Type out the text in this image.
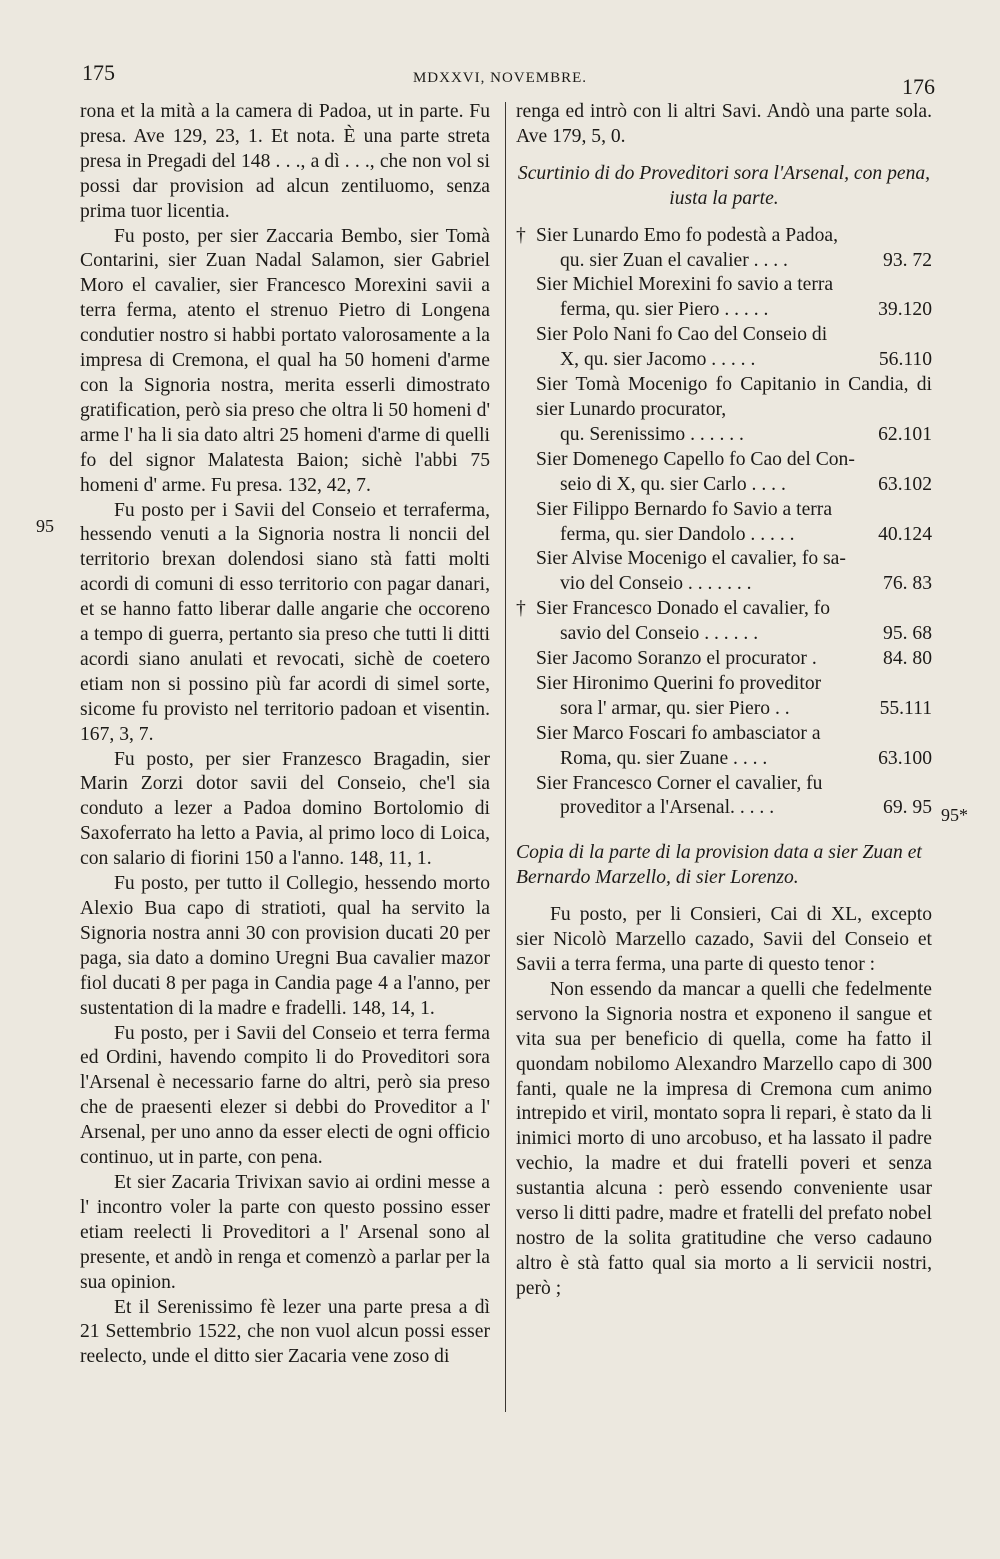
175	MDXXVI, NOVEMBRE.	176
95
95*

rona et la mità a la camera di Padoa, ut in parte. Fu presa. Ave 129, 23, 1. Et nota. È una parte streta presa in Pregadi del 148 . . ., a dì . . ., che non vol si possi dar provision ad alcun zentiluomo, senza prima tuor licentia.

Fu posto, per sier Zaccaria Bembo, sier Tomà Contarini, sier Zuan Nadal Salamon, sier Gabriel Moro el cavalier, sier Francesco Morexini savii a terra ferma, atento el strenuo Pietro di Longena condutier nostro si habbi portato valorosamente a la impresa di Cremona, el qual ha 50 homeni d'arme con la Signoria nostra, merita esserli dimostrato gratification, però sia preso che oltra li 50 homeni d' arme l' ha li sia dato altri 25 homeni d'arme di quelli fo del signor Malatesta Baion; sichè l'abbi 75 homeni d' arme. Fu presa. 132, 42, 7.

Fu posto per i Savii del Conseio et terraferma, hessendo venuti a la Signoria nostra li noncii del territorio brexan dolendosi siano stà fatti molti acordi di comuni di esso territorio con pagar danari, et se hanno fatto liberar dalle angarie che occoreno a tempo di guerra, pertanto sia preso che tutti li ditti acordi siano anulati et revocati, sichè de coetero etiam non si possino più far acordi di simel sorte, sicome fu provisto nel territorio padoan et visentin. 167, 3, 7.

Fu posto, per sier Franzesco Bragadin, sier Marin Zorzi dotor savii del Conseio, che'l sia conduto a lezer a Padoa domino Bortolomio di Saxoferrato ha letto a Pavia, al primo loco di Loica, con salario di fiorini 150 a l'anno. 148, 11, 1.

Fu posto, per tutto il Collegio, hessendo morto Alexio Bua capo di stratioti, qual ha servito la Signoria nostra anni 30 con provision ducati 20 per paga, sia dato a domino Uregni Bua cavalier mazor fiol ducati 8 per paga in Candia page 4 a l'anno, per sustentation di la madre e fradelli. 148, 14, 1.

Fu posto, per i Savii del Conseio et terra ferma ed Ordini, havendo compito li do Proveditori sora l'Arsenal è necessario farne do altri, però sia preso che de praesenti elezer si debbi do Proveditor a l' Arsenal, per uno anno da esser electi de ogni officio continuo, ut in parte, con pena.

Et sier Zacaria Trivixan savio ai ordini messe a l' incontro voler la parte con questo possino esser etiam reelecti li Proveditori a l' Arsenal sono al presente, et andò in renga et comenzò a parlar per la sua opinion.

Et il Serenissimo fè lezer una parte presa a dì 21 Settembrio 1522, che non vuol alcun possi esser reelecto, unde el ditto sier Zacaria vene zoso di

renga ed intrò con li altri Savi. Andò una parte sola. Ave 179, 5, 0.

Scurtinio di do Proveditori sora l'Arsenal, con pena, iusta la parte.

† Sier Lunardo Emo fo podestà a Padoa,
qu. sier Zuan el cavalier . . . .	93. 72
Sier Michiel Morexini fo savio a terra
ferma, qu. sier Piero . . . . .	39.120
Sier Polo Nani fo Cao del Conseio di
X, qu. sier Jacomo . . . . .	56.110
Sier Tomà Mocenigo fo Capitanio in Candia, di sier Lunardo procurator,
qu. Serenissimo . . . . . .	62.101
Sier Domenego Capello fo Cao del Con-
seio di X, qu. sier Carlo . . . .	63.102
Sier Filippo Bernardo fo Savio a terra
ferma, qu. sier Dandolo . . . . .	40.124
Sier Alvise Mocenigo el cavalier, fo sa-
vio del Conseio . . . . . . .	76. 83
† Sier Francesco Donado el cavalier, fo
savio del Conseio . . . . . .	95. 68
Sier Jacomo Soranzo el procurator .	84. 80
Sier Hironimo Querini fo proveditor
sora l' armar, qu. sier Piero . .	55.111
Sier Marco Foscari fo ambasciator a
Roma, qu. sier Zuane . . . .	63.100
Sier Francesco Corner el cavalier, fu
proveditor a l'Arsenal. . . . .	69. 95

Copia di la parte di la provision data a sier Zuan et Bernardo Marzello, di sier Lorenzo.

Fu posto, per li Consieri, Cai di XL, excepto sier Nicolò Marzello cazado, Savii del Conseio et Savii a terra ferma, una parte di questo tenor :

Non essendo da mancar a quelli che fedelmente servono la Signoria nostra et exponeno il sangue et vita sua per beneficio di quella, come ha fatto il quondam nobilomo Alexandro Marzello capo di 300 fanti, quale ne la impresa di Cremona cum animo intrepido et viril, montato sopra li repari, è stato da li inimici morto di uno arcobuso, et ha lassato il padre vechio, la madre et dui fratelli poveri et senza sustantia alcuna : però essendo conveniente usar verso li ditti padre, madre et fratelli del prefato nobel nostro de la solita gratitudine che verso cadauno altro è stà fatto qual sia morto a li servicii nostri, però ;
